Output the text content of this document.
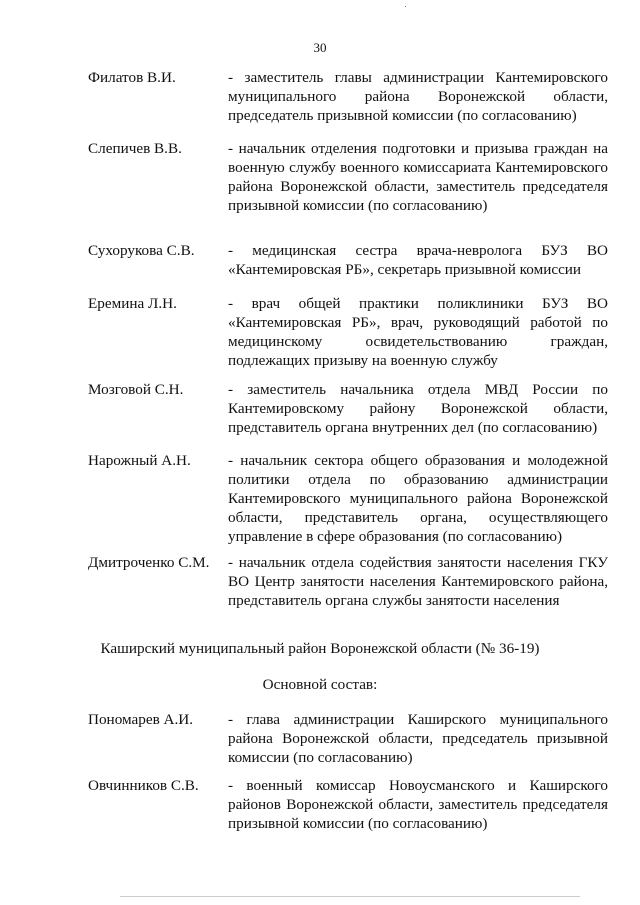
30
Филатов В.И.	- заместитель главы администрации Кантемировского муниципального района Воронежской области, председатель призывной комиссии (по согласованию)
Слепичев В.В.	- начальник отделения подготовки и призыва граждан на военную службу военного комиссариата Кантемировского района Воронежской области, заместитель председателя призывной комиссии (по согласованию)
Сухорукова С.В.	- медицинская сестра врача-невролога БУЗ ВО «Кантемировская РБ», секретарь призывной комиссии
Еремина Л.Н.	- врач общей практики поликлиники БУЗ ВО «Кантемировская РБ», врач, руководящий работой по медицинскому освидетельствованию граждан, подлежащих призыву на военную службу
Мозговой С.Н.	- заместитель начальника отдела МВД России по Кантемировскому району Воронежской области, представитель органа внутренних дел (по согласованию)
Нарожный А.Н.	- начальник сектора общего образования и молодежной политики отдела по образованию администрации Кантемировского муниципального района Воронежской области, представитель органа, осуществляющего управление в сфере образования (по согласованию)
Дмитроченко С.М.	- начальник отдела содействия занятости населения ГКУ ВО Центр занятости населения Кантемировского района, представитель органа службы занятости населения
Каширский муниципальный район Воронежской области (№ 36-19)
Основной состав:
Пономарев А.И.	- глава администрации Каширского муниципального района Воронежской области, председатель призывной комиссии (по согласованию)
Овчинников С.В.	- военный комиссар Новоусманского и Каширского районов Воронежской области, заместитель председателя призывной комиссии (по согласованию)
